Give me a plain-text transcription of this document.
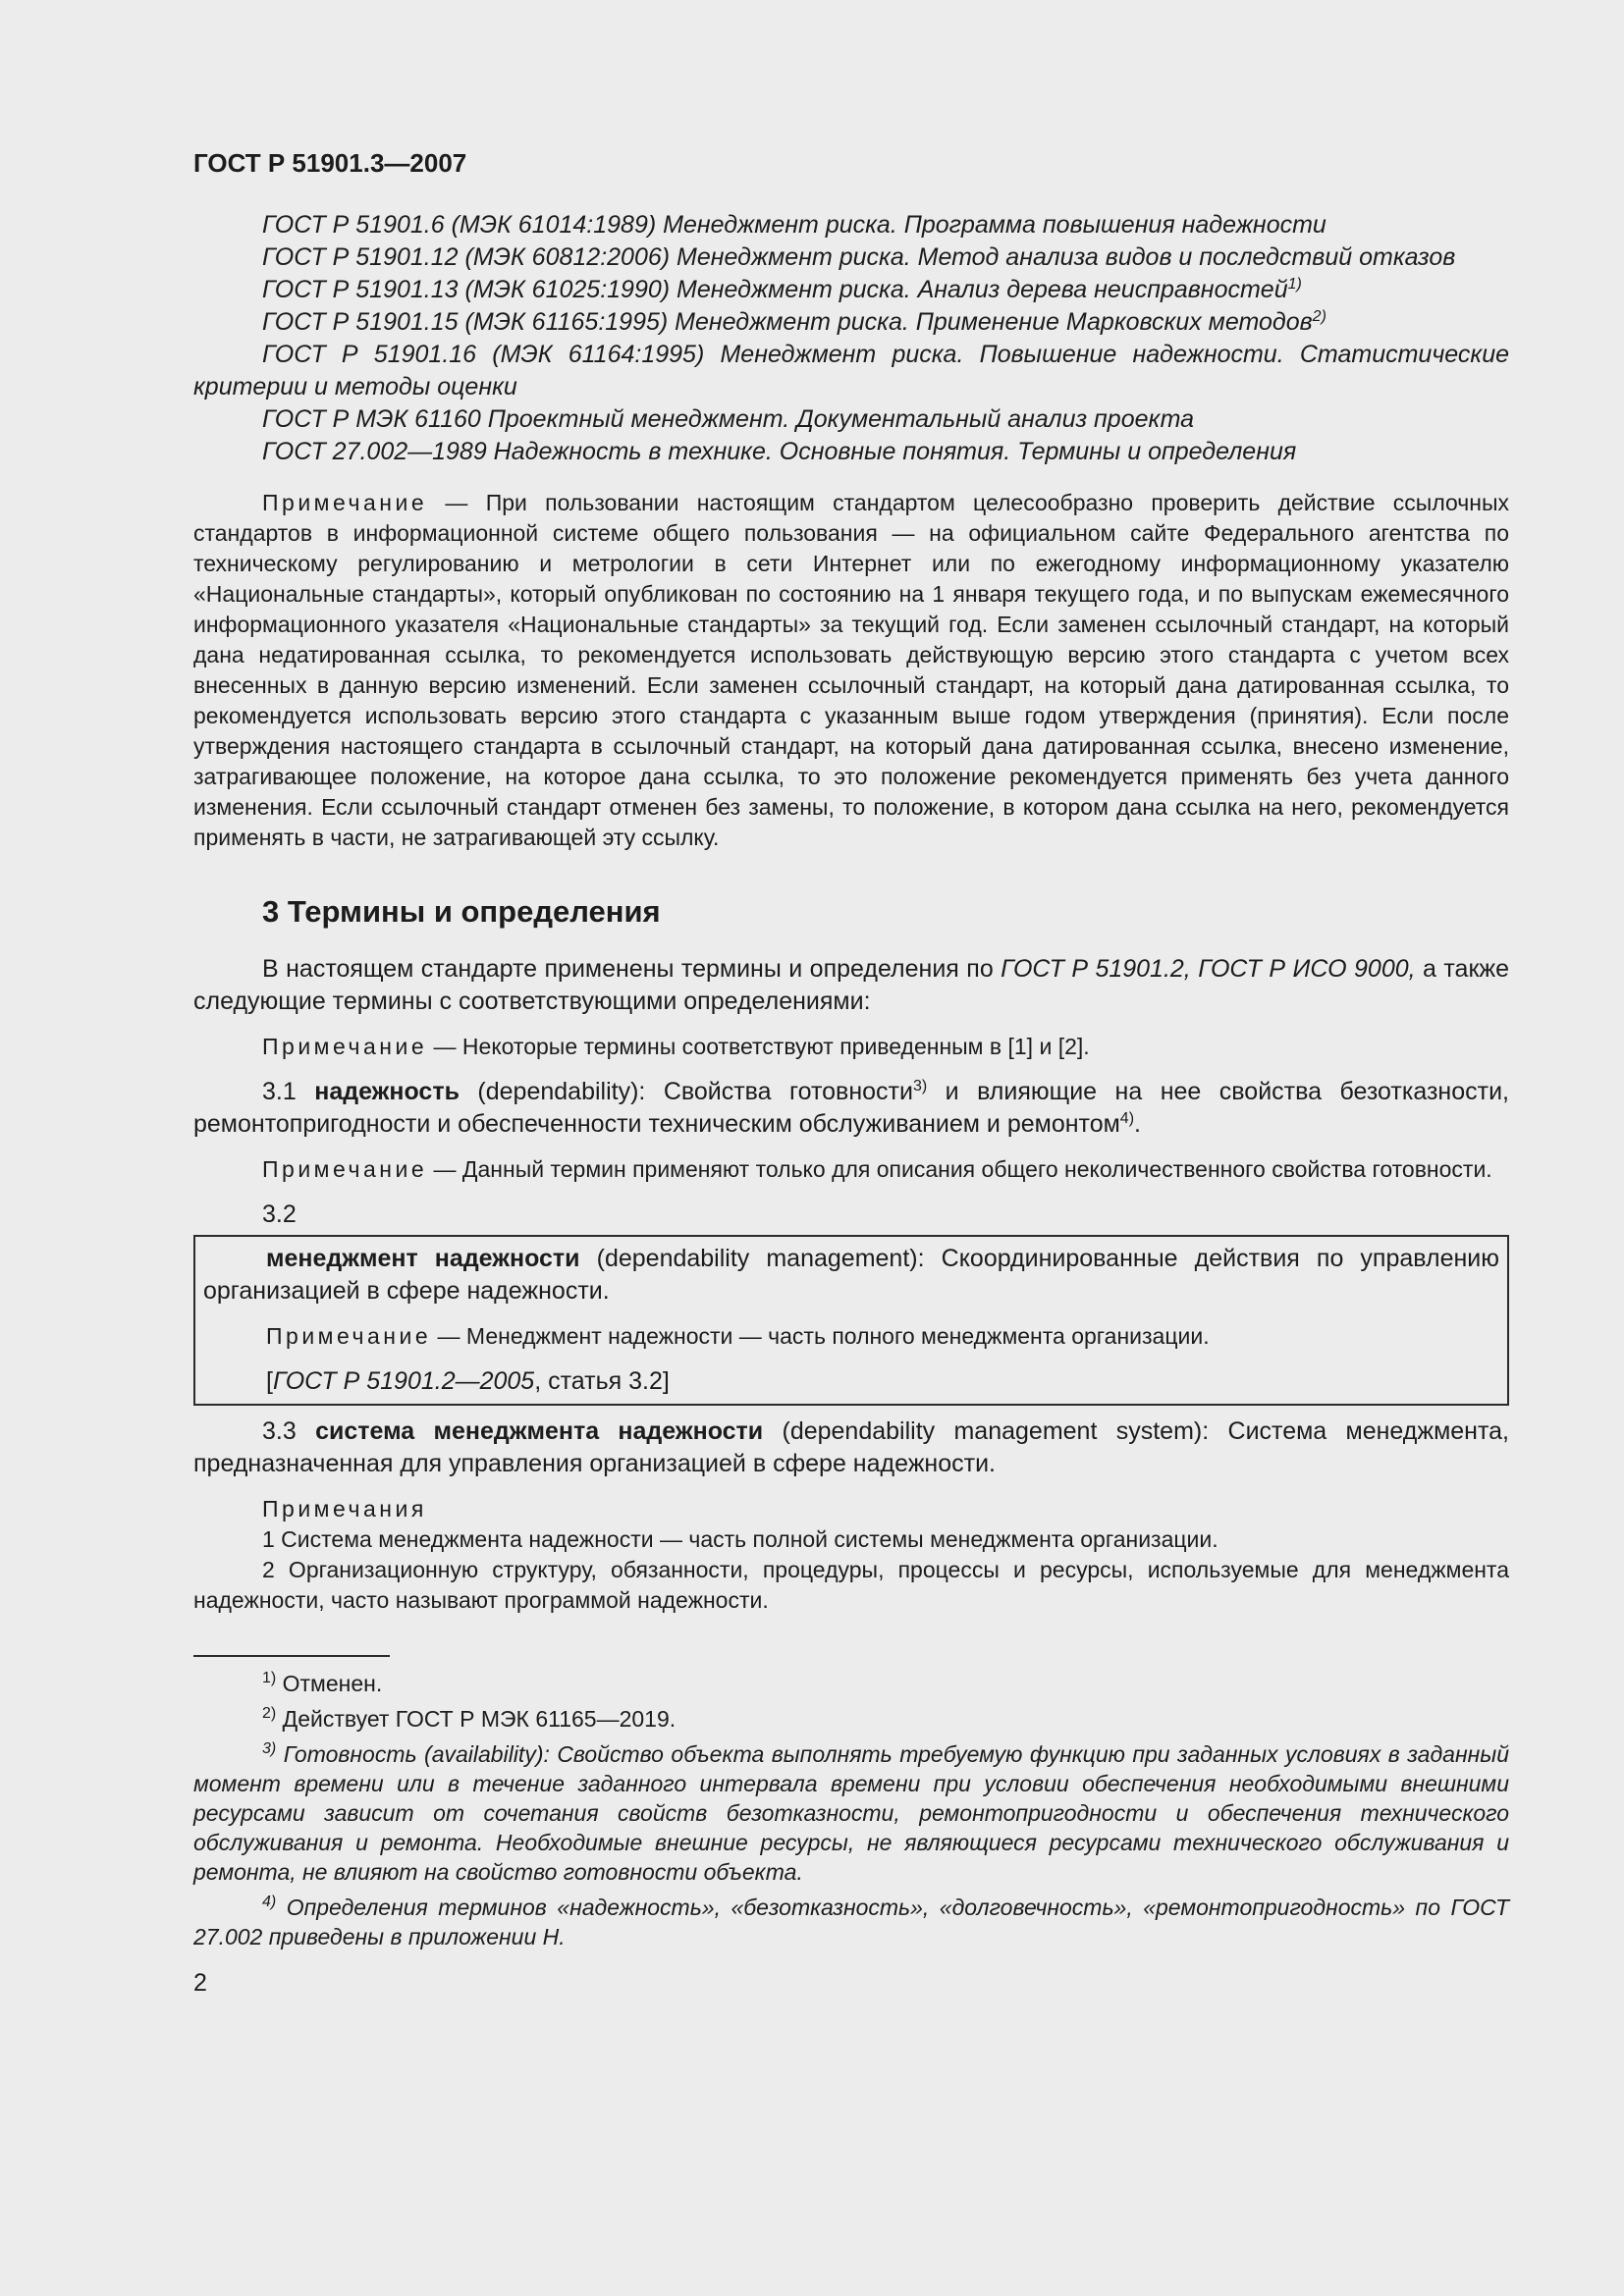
ГОСТ Р 51901.3—2007

ГОСТ Р 51901.6 (МЭК 61014:1989) Менеджмент риска. Программа повышения надежности

ГОСТ Р 51901.12 (МЭК 60812:2006) Менеджмент риска. Метод анализа видов и последствий отказов

ГОСТ Р 51901.13 (МЭК 61025:1990) Менеджмент риска. Анализ дерева неисправностей$^{1)}$

ГОСТ Р 51901.15 (МЭК 61165:1995) Менеджмент риска. Применение Марковских методов$^{2)}$

ГОСТ Р 51901.16 (МЭК 61164:1995) Менеджмент риска. Повышение надежности. Статистические критерии и методы оценки

ГОСТ Р МЭК 61160 Проектный менеджмент. Документальный анализ проекта

ГОСТ 27.002—1989 Надежность в технике. Основные понятия. Термины и определения

Примечание — При пользовании настоящим стандартом целесообразно проверить действие ссылочных стандартов в информационной системе общего пользования — на официальном сайте Федерального агентства по техническому регулированию и метрологии в сети Интернет или по ежегодному информационному указателю «Национальные стандарты», который опубликован по состоянию на 1 января текущего года, и по выпускам ежемесячного информационного указателя «Национальные стандарты» за текущий год. Если заменен ссылочный стандарт, на который дана недатированная ссылка, то рекомендуется использовать действующую версию этого стандарта с учетом всех внесенных в данную версию изменений. Если заменен ссылочный стандарт, на который дана датированная ссылка, то рекомендуется использовать версию этого стандарта с указанным выше годом утверждения (принятия). Если после утверждения настоящего стандарта в ссылочный стандарт, на который дана датированная ссылка, внесено изменение, затрагивающее положение, на которое дана ссылка, то это положение рекомендуется применять без учета данного изменения. Если ссылочный стандарт отменен без замены, то положение, в котором дана ссылка на него, рекомендуется применять в части, не затрагивающей эту ссылку.

3 Термины и определения

В настоящем стандарте применены термины и определения по ГОСТ Р 51901.2, ГОСТ Р ИСО 9000, а также следующие термины с соответствующими определениями:

Примечание — Некоторые термины соответствуют приведенным в [1] и [2].

3.1 надежность (dependability): Свойства готовности$^{3)}$ и влияющие на нее свойства безотказности, ремонтопригодности и обеспеченности техническим обслуживанием и ремонтом$^{4)}$.

Примечание — Данный термин применяют только для описания общего неколичественного свойства готовности.

3.2

менеджмент надежности (dependability management): Скоординированные действия по управлению организацией в сфере надежности.

Примечание — Менеджмент надежности — часть полного менеджмента организации.

[ГОСТ Р 51901.2—2005, статья 3.2]

3.3 система менеджмента надежности (dependability management system): Система менеджмента, предназначенная для управления организацией в сфере надежности.

Примечания

1 Система менеджмента надежности — часть полной системы менеджмента организации.

2 Организационную структуру, обязанности, процедуры, процессы и ресурсы, используемые для менеджмента надежности, часто называют программой надежности.

$^{1)}$ Отменен.

$^{2)}$ Действует ГОСТ Р МЭК 61165—2019.

$^{3)}$ Готовность (availability): Свойство объекта выполнять требуемую функцию при заданных условиях в заданный момент времени или в течение заданного интервала времени при условии обеспечения необходимыми внешними ресурсами зависит от сочетания свойств безотказности, ремонтопригодности и обеспечения технического обслуживания и ремонта. Необходимые внешние ресурсы, не являющиеся ресурсами технического обслуживания и ремонта, не влияют на свойство готовности объекта.

$^{4)}$ Определения терминов «надежность», «безотказность», «долговечность», «ремонтопригодность» по ГОСТ 27.002 приведены в приложении Н.

2
